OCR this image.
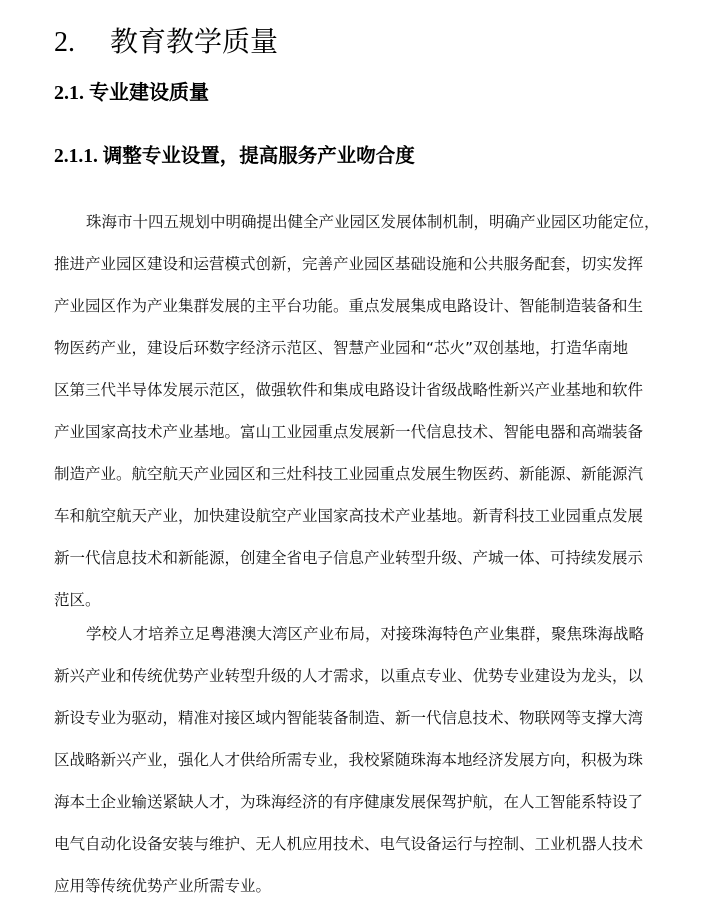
2. 教育教学质量
2.1. 专业建设质量
2.1.1. 调整专业设置，提高服务产业吻合度
珠海市十四五规划中明确提出健全产业园区发展体制机制，明确产业园区功能定位，
推进产业园区建设和运营模式创新，完善产业园区基础设施和公共服务配套，切实发挥
产业园区作为产业集群发展的主平台功能。重点发展集成电路设计、智能制造装备和生
物医药产业，建设后环数字经济示范区、智慧产业园和“芯火”双创基地，打造华南地
区第三代半导体发展示范区，做强软件和集成电路设计省级战略性新兴产业基地和软件
产业国家高技术产业基地。富山工业园重点发展新一代信息技术、智能电器和高端装备
制造产业。航空航天产业园区和三灶科技工业园重点发展生物医药、新能源、新能源汽
车和航空航天产业，加快建设航空产业国家高技术产业基地。新青科技工业园重点发展
新一代信息技术和新能源，创建全省电子信息产业转型升级、产城一体、可持续发展示
范区。
学校人才培养立足粤港澳大湾区产业布局，对接珠海特色产业集群，聚焦珠海战略
新兴产业和传统优势产业转型升级的人才需求，以重点专业、优势专业建设为龙头，以
新设专业为驱动，精准对接区域内智能装备制造、新一代信息技术、物联网等支撑大湾
区战略新兴产业，强化人才供给所需专业，我校紧随珠海本地经济发展方向，积极为珠
海本土企业输送紧缺人才，为珠海经济的有序健康发展保驾护航，在人工智能系特设了
电气自动化设备安装与维护、无人机应用技术、电气设备运行与控制、工业机器人技术
应用等传统优势产业所需专业。
